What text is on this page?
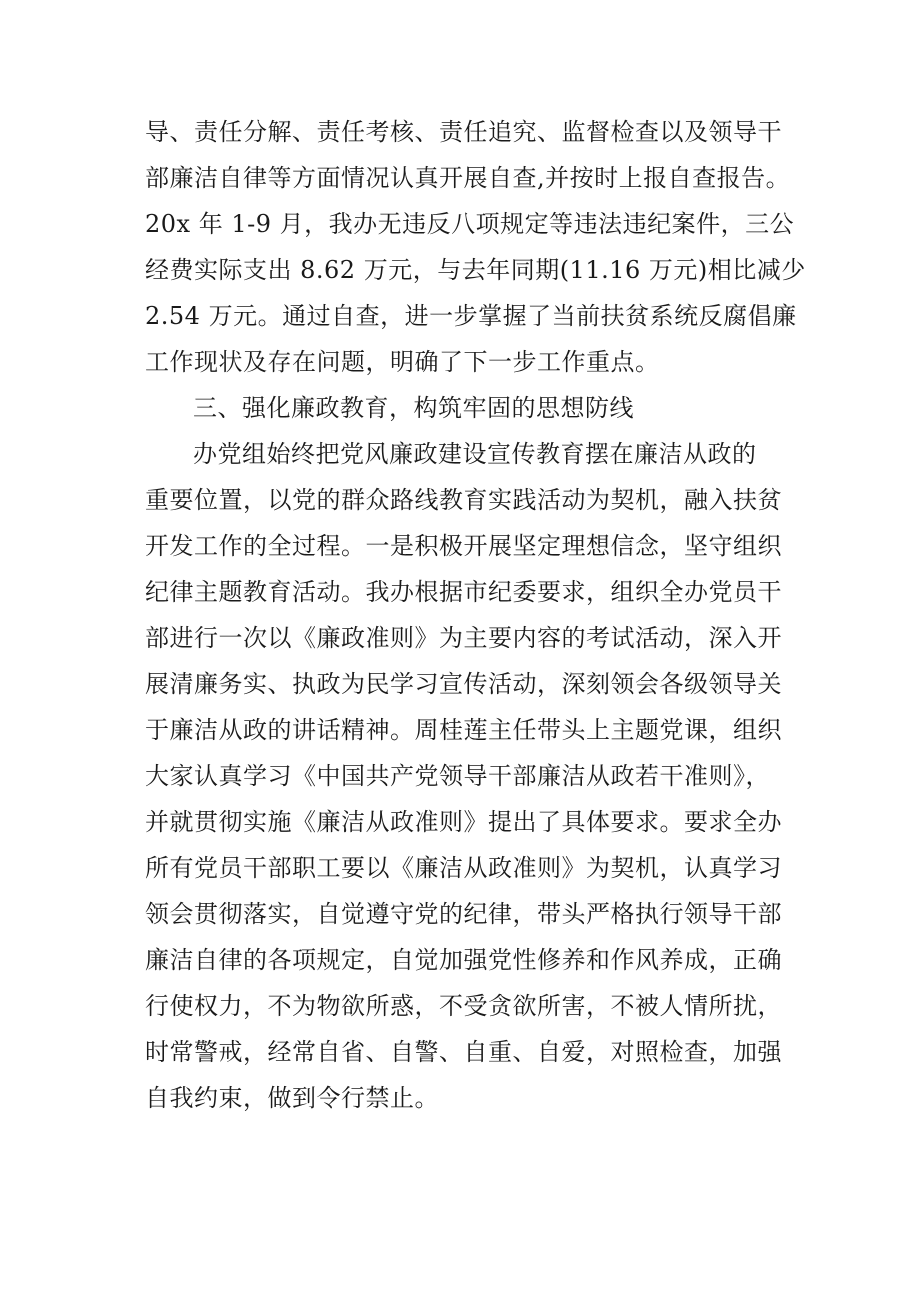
导、责任分解、责任考核、责任追究、监督检查以及领导干
部廉洁自律等方面情况认真开展自查,并按时上报自查报告。
20x 年 1-9 月，我办无违反八项规定等违法违纪案件，三公
经费实际支出 8.62 万元，与去年同期(11.16 万元)相比减少
2.54 万元。通过自查，进一步掌握了当前扶贫系统反腐倡廉
工作现状及存在问题，明确了下一步工作重点。
三、强化廉政教育，构筑牢固的思想防线
办党组始终把党风廉政建设宣传教育摆在廉洁从政的
重要位置，以党的群众路线教育实践活动为契机，融入扶贫
开发工作的全过程。一是积极开展坚定理想信念，坚守组织
纪律主题教育活动。我办根据市纪委要求，组织全办党员干
部进行一次以《廉政准则》为主要内容的考试活动，深入开
展清廉务实、执政为民学习宣传活动，深刻领会各级领导关
于廉洁从政的讲话精神。周桂莲主任带头上主题党课，组织
大家认真学习《中国共产党领导干部廉洁从政若干准则》，
并就贯彻实施《廉洁从政准则》提出了具体要求。要求全办
所有党员干部职工要以《廉洁从政准则》为契机，认真学习
领会贯彻落实，自觉遵守党的纪律，带头严格执行领导干部
廉洁自律的各项规定，自觉加强党性修养和作风养成，正确
行使权力，不为物欲所惑，不受贪欲所害，不被人情所扰，
时常警戒，经常自省、自警、自重、自爱，对照检查，加强
自我约束，做到令行禁止。
